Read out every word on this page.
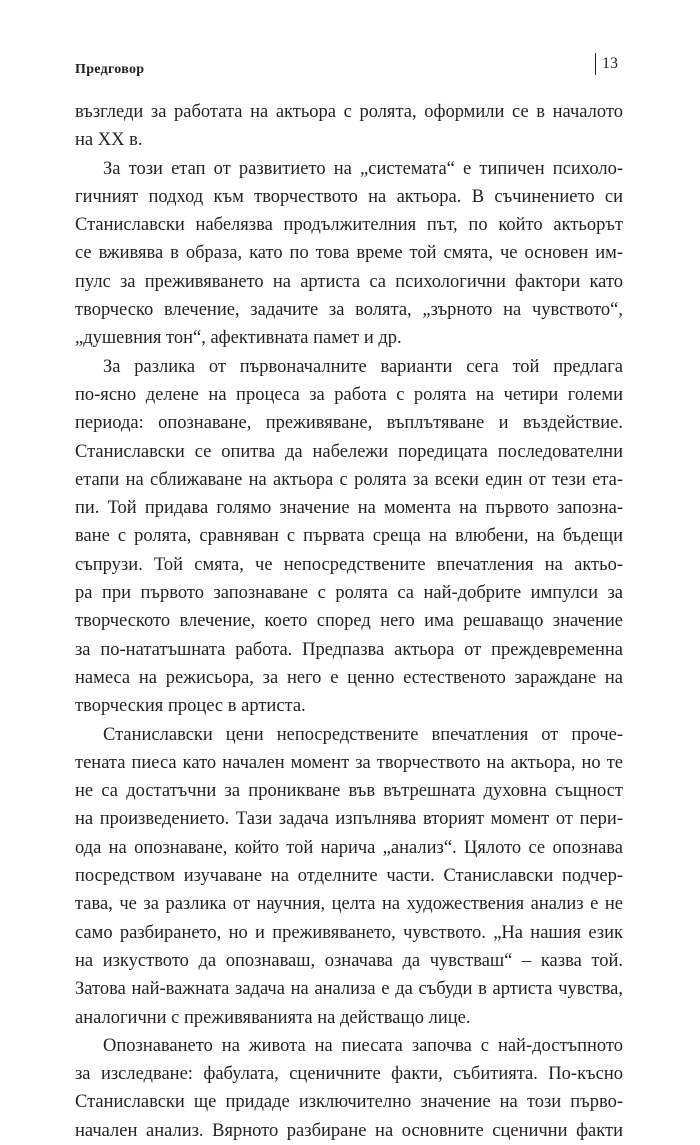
Предговор	13

възгледи за работата на актьора с ролята, оформили се в началото
на XX в.

За този етап от развитието на „системата“ е типичен психоло-
гичният подход към творчеството на актьора. В съчинението си
Станиславски набелязва продължителния път, по който актьорът
се вживява в образа, като по това време той смята, че основен им-
пулс за преживяването на артиста са психологични фактори като
творческо влечение, задачите за волята, „зърното на чувството“,
„душевния тон“, афективната памет и др.

За разлика от първоначалните варианти сега той предлага
по-ясно делене на процеса за работа с ролята на четири големи
периода: опознаване, преживяване, въплътяване и въздействие.
Станиславски се опитва да набележи поредицата последователни
етапи на сближаване на актьора с ролята за всеки един от тези ета-
пи. Той придава голямо значение на момента на първото запозна-
ване с ролята, сравняван с първата среща на влюбени, на бъдещи
съпрузи. Той смята, че непосредствените впечатления на актьо-
ра при първото запознаване с ролята са най-добрите импулси за
творческото влечение, което според него има решаващо значение
за по-нататъшната работа. Предпазва актьора от преждевременна
намеса на режисьора, за него е ценно естественото зараждане на
творческия процес в артиста.

Станиславски цени непосредствените впечатления от проче-
тената пиеса като начален момент за творчеството на актьора, но те
не са достатъчни за проникване във вътрешната духовна същност
на произведението. Тази задача изпълнява вторият момент от пери-
ода на опознаване, който той нарича „анализ“. Цялото се опознава
посредством изучаване на отделните части. Станиславски подчер-
тава, че за разлика от научния, целта на художествения анализ е не
само разбирането, но и преживяването, чувството. „На нашия език
на изкуството да опознаваш, означава да чувстваш“ – казва той.
Затова най-важната задача на анализа е да събуди в артиста чувства,
аналогични с преживяванията на действащо лице.

Опознаването на живота на пиесата започва с най-достъпното
за изследване: фабулата, сценичните факти, събитията. По-късно
Станиславски ще придаде изключително значение на този първо-
начален анализ. Вярното разбиране на основните сценични факти
